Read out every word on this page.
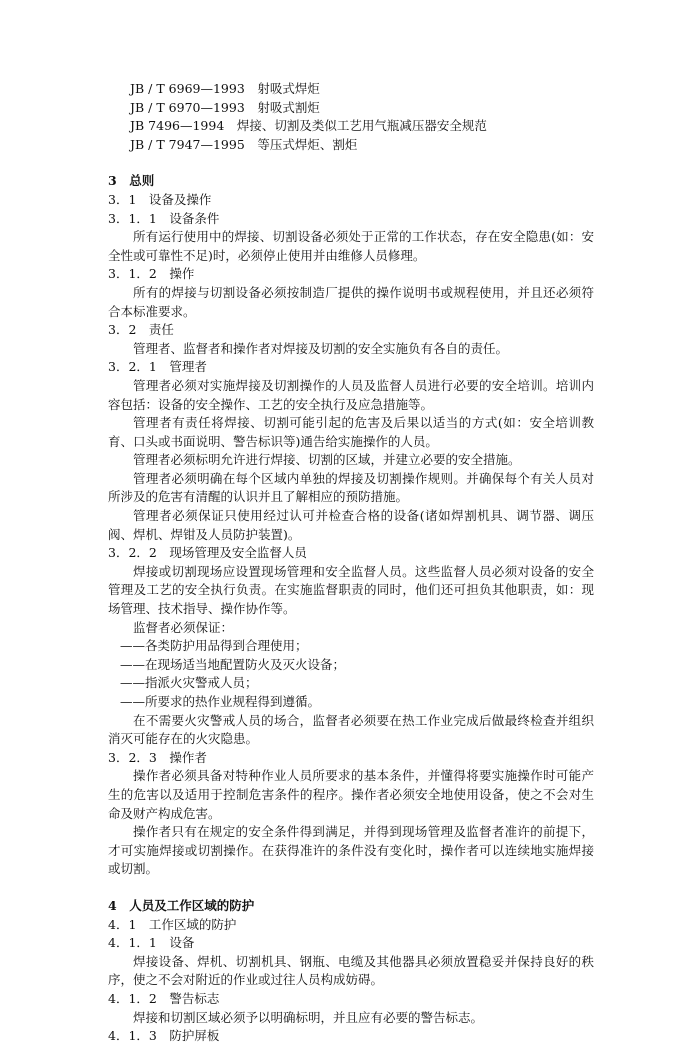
JB / T 6969—1993　 射吸式焊炬
JB / T 6970—1993　 射吸式割炬
JB 7496—1994　 焊接、切割及类似工艺用气瓶减压器安全规范
JB / T 7947—1995　 等压式焊炬、割炬
3　总则
3．1　设备及操作
3．1．1　设备条件
所有运行使用中的焊接、切割设备必须处于正常的工作状态，存在安全隐患(如：安全性或可靠性不足)时，必须停止使用并由维修人员修理。
3．1．2　操作
所有的焊接与切割设备必须按制造厂提供的操作说明书或规程使用，并且还必须符合本标准要求。
3．2　责任
管理者、监督者和操作者对焊接及切割的安全实施负有各自的责任。
3．2．1　管理者
管理者必须对实施焊接及切割操作的人员及监督人员进行必要的安全培训。培训内容包括：设备的安全操作、工艺的安全执行及应急措施等。
管理者有责任将焊接、切割可能引起的危害及后果以适当的方式(如：安全培训教育、口头或书面说明、警告标识等)通告给实施操作的人员。
管理者必须标明允许进行焊接、切割的区域，并建立必要的安全措施。
管理者必须明确在每个区域内单独的焊接及切割操作规则。并确保每个有关人员对所涉及的危害有清醒的认识并且了解相应的预防措施。
管理者必须保证只使用经过认可并检查合格的设备(诸如焊割机具、调节器、调压阀、焊机、焊钳及人员防护装置)。
3．2．2　现场管理及安全监督人员
焊接或切割现场应设置现场管理和安全监督人员。这些监督人员必须对设备的安全管理及工艺的安全执行负责。在实施监督职责的同时，他们还可担负其他职责，如：现场管理、技术指导、操作协作等。
监督者必须保证：
——各类防护用品得到合理使用；
——在现场适当地配置防火及灭火设备；
——指派火灾警戒人员；
——所要求的热作业规程得到遵循。
在不需要火灾警戒人员的场合，监督者必须要在热工作业完成后做最终检查并组织消灭可能存在的火灾隐患。
3．2．3　操作者
操作者必须具备对特种作业人员所要求的基本条件，并懂得将要实施操作时可能产生的危害以及适用于控制危害条件的程序。操作者必须安全地使用设备，使之不会对生命及财产构成危害。
操作者只有在规定的安全条件得到满足，并得到现场管理及监督者准许的前提下，才可实施焊接或切割操作。在获得准许的条件没有变化时，操作者可以连续地实施焊接或切割。
4　人员及工作区域的防护
4．1　工作区域的防护
4．1．1　设备
焊接设备、焊机、切割机具、钢瓶、电缆及其他器具必须放置稳妥并保持良好的秩序，使之不会对附近的作业或过往人员构成妨碍。
4．1．2　警告标志
焊接和切割区域必须予以明确标明，并且应有必要的警告标志。
4．1．3　防护屏板
